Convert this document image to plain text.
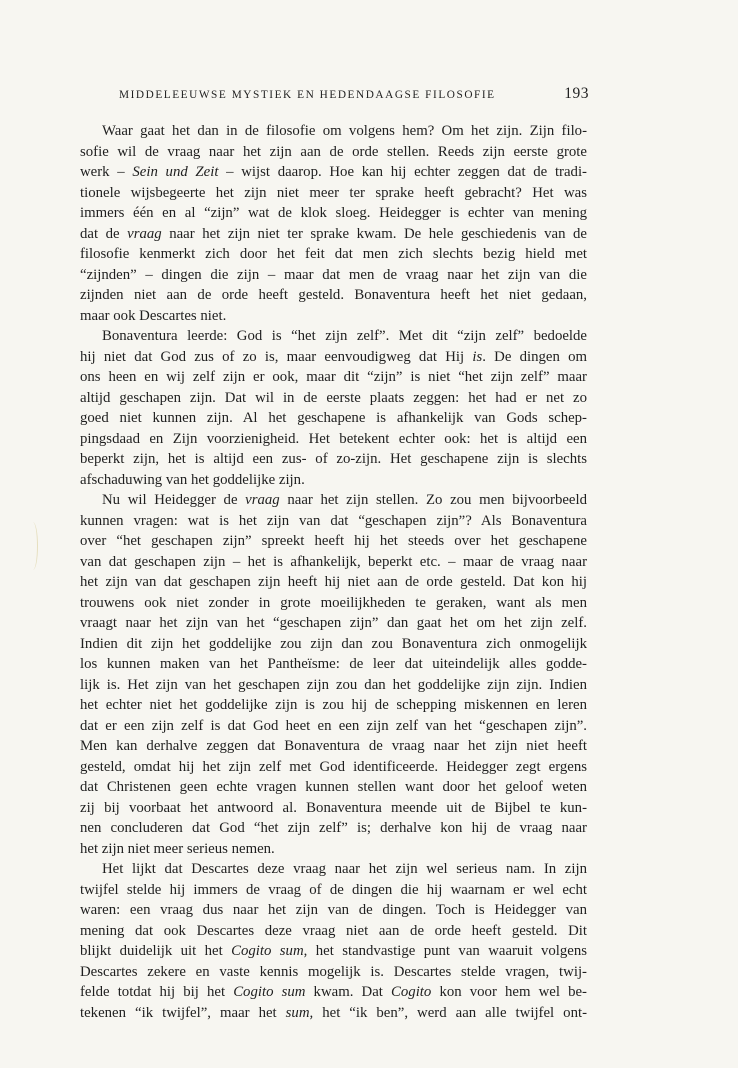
MIDDELEEUWSE MYSTIEK EN HEDENDAAGSE FILOSOFIE	193
Waar gaat het dan in de filosofie om volgens hem? Om het zijn. Zijn filo-
sofie wil de vraag naar het zijn aan de orde stellen. Reeds zijn eerste grote
werk – Sein und Zeit – wijst daarop. Hoe kan hij echter zeggen dat de tradi-
tionele wijsbegeerte het zijn niet meer ter sprake heeft gebracht? Het was
immers één en al “zijn” wat de klok sloeg. Heidegger is echter van mening
dat de vraag naar het zijn niet ter sprake kwam. De hele geschiedenis van de
filosofie kenmerkt zich door het feit dat men zich slechts bezig hield met
“zijnden” – dingen die zijn – maar dat men de vraag naar het zijn van die
zijnden niet aan de orde heeft gesteld. Bonaventura heeft het niet gedaan,
maar ook Descartes niet.
Bonaventura leerde: God is “het zijn zelf”. Met dit “zijn zelf” bedoelde
hij niet dat God zus of zo is, maar eenvoudigweg dat Hij is. De dingen om
ons heen en wij zelf zijn er ook, maar dit “zijn” is niet “het zijn zelf” maar
altijd geschapen zijn. Dat wil in de eerste plaats zeggen: het had er net zo
goed niet kunnen zijn. Al het geschapene is afhankelijk van Gods schep-
pingsdaad en Zijn voorzienigheid. Het betekent echter ook: het is altijd een
beperkt zijn, het is altijd een zus- of zo-zijn. Het geschapene zijn is slechts
afschaduwing van het goddelijke zijn.
Nu wil Heidegger de vraag naar het zijn stellen. Zo zou men bijvoorbeeld
kunnen vragen: wat is het zijn van dat “geschapen zijn”? Als Bonaventura
over “het geschapen zijn” spreekt heeft hij het steeds over het geschapene
van dat geschapen zijn – het is afhankelijk, beperkt etc. – maar de vraag naar
het zijn van dat geschapen zijn heeft hij niet aan de orde gesteld. Dat kon hij
trouwens ook niet zonder in grote moeilijkheden te geraken, want als men
vraagt naar het zijn van het “geschapen zijn” dan gaat het om het zijn zelf.
Indien dit zijn het goddelijke zou zijn dan zou Bonaventura zich onmogelijk
los kunnen maken van het Pantheïsme: de leer dat uiteindelijk alles godde-
lijk is. Het zijn van het geschapen zijn zou dan het goddelijke zijn zijn. Indien
het echter niet het goddelijke zijn is zou hij de schepping miskennen en leren
dat er een zijn zelf is dat God heet en een zijn zelf van het “geschapen zijn”.
Men kan derhalve zeggen dat Bonaventura de vraag naar het zijn niet heeft
gesteld, omdat hij het zijn zelf met God identificeerde. Heidegger zegt ergens
dat Christenen geen echte vragen kunnen stellen want door het geloof weten
zij bij voorbaat het antwoord al. Bonaventura meende uit de Bijbel te kun-
nen concluderen dat God “het zijn zelf” is; derhalve kon hij de vraag naar
het zijn niet meer serieus nemen.
Het lijkt dat Descartes deze vraag naar het zijn wel serieus nam. In zijn
twijfel stelde hij immers de vraag of de dingen die hij waarnam er wel echt
waren: een vraag dus naar het zijn van de dingen. Toch is Heidegger van
mening dat ook Descartes deze vraag niet aan de orde heeft gesteld. Dit
blijkt duidelijk uit het Cogito sum, het standvastige punt van waaruit volgens
Descartes zekere en vaste kennis mogelijk is. Descartes stelde vragen, twij-
felde totdat hij bij het Cogito sum kwam. Dat Cogito kon voor hem wel be-
tekenen “ik twijfel”, maar het sum, het “ik ben”, werd aan alle twijfel ont-
